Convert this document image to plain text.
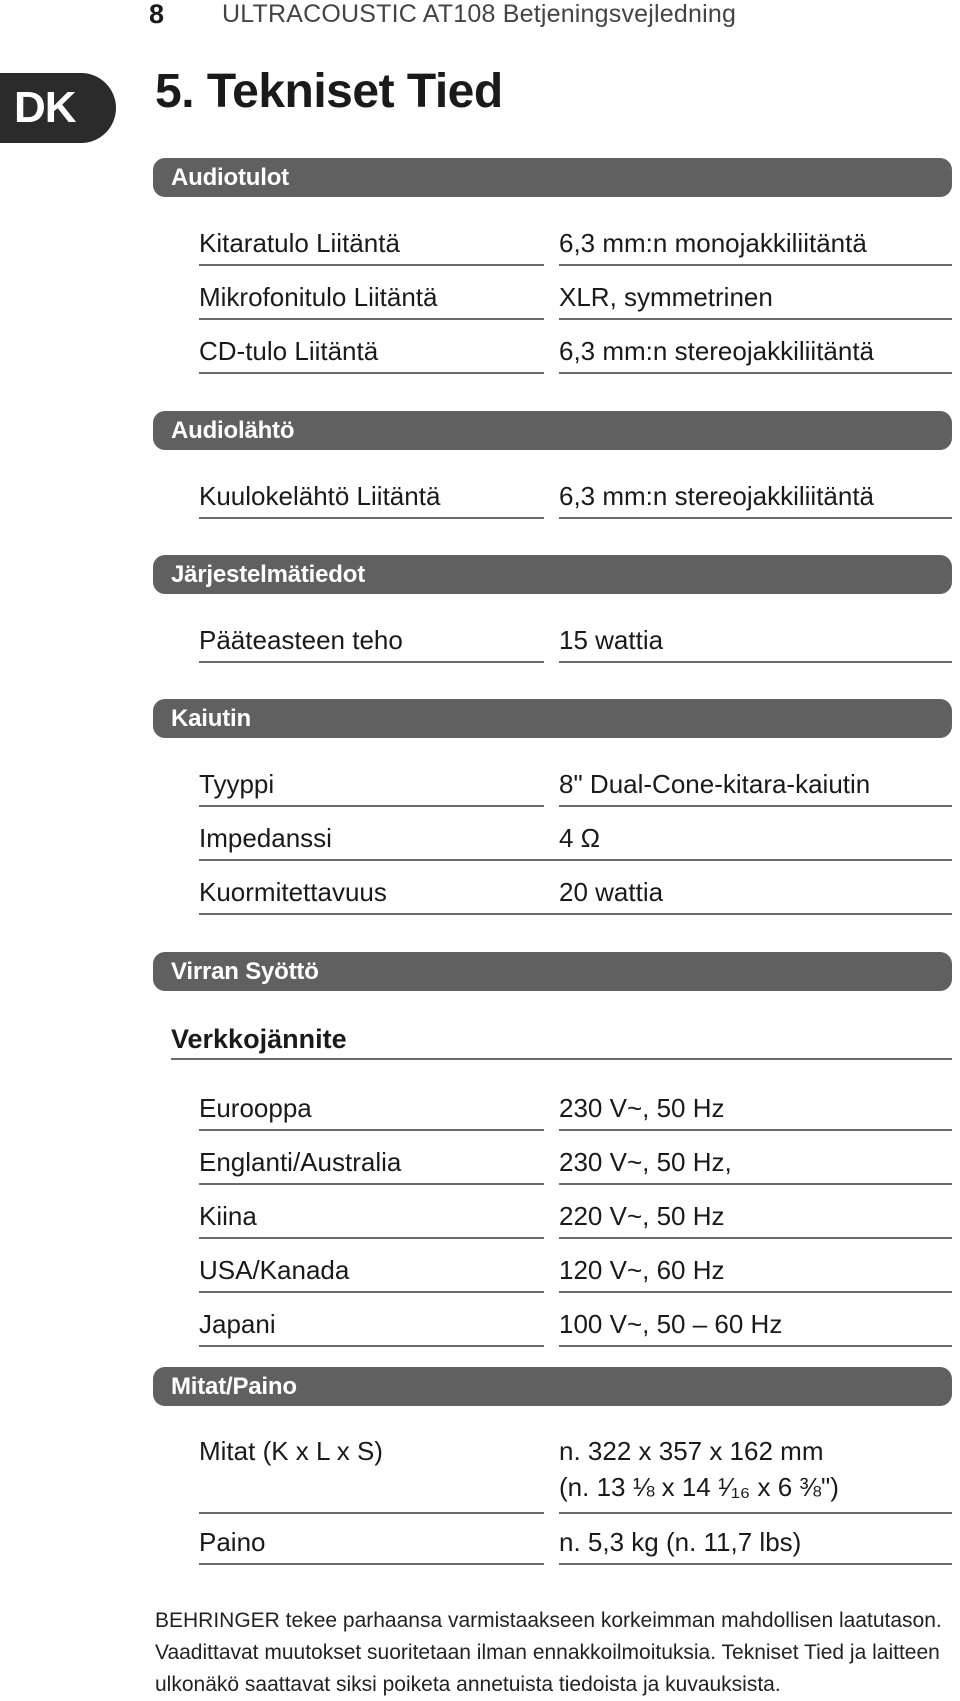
8 ULTRACOUSTIC AT108 Betjeningsvejledning
DK	5. Tekniset Tied
Audiotulot
Kitaratulo Liitäntä	6,3 mm:n monojakkiliitäntä
Mikrofonitulo Liitäntä	XLR, symmetrinen
CD-tulo Liitäntä	6,3 mm:n stereojakkiliitäntä
Audiolähtö
Kuulokelähtö Liitäntä	6,3 mm:n stereojakkiliitäntä
Järjestelmätiedot
Pääteasteen teho	15 wattia
Kaiutin
Tyyppi	8" Dual-Cone-kitara-kaiutin
Impedanssi	4 Ω
Kuormitettavuus	20 wattia
Virran Syöttö
Verkkojännite
Eurooppa	230 V~, 50 Hz
Englanti/Australia	230 V~, 50 Hz,
Kiina	220 V~, 50 Hz
USA/Kanada	120 V~, 60 Hz
Japani	100 V~, 50 – 60 Hz
Mitat/Paino
Mitat (K x L x S)	n. 322 x 357 x 162 mm
(n. 13 ⅛ x 14 ¹⁄₁₆ x 6 ⅜")
Paino	n. 5,3 kg (n. 11,7 lbs)

BEHRINGER tekee parhaansa varmistaakseen korkeimman mahdollisen laatutason. Vaadittavat muutokset suoritetaan ilman ennakkoilmoituksia. Tekniset Tied ja laitteen ulkonäkö saattavat siksi poiketa annetuista tiedoista ja kuvauksista.
